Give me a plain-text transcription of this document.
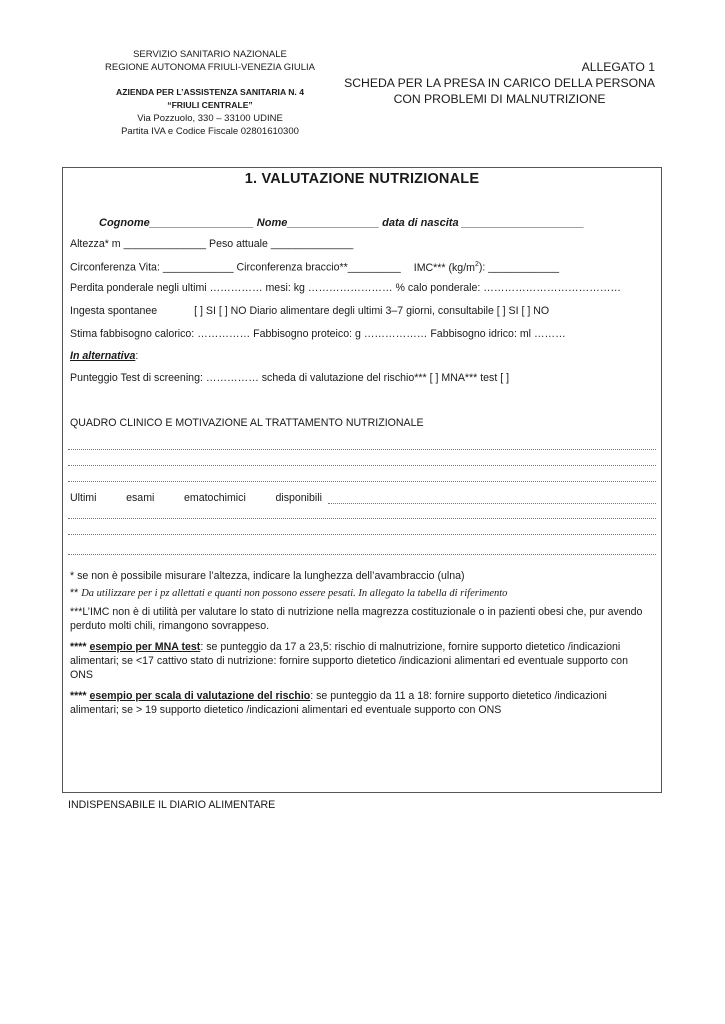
SERVIZIO SANITARIO NAZIONALE
REGIONE AUTONOMA FRIULI-VENEZIA GIULIA
AZIENDA PER L’ASSISTENZA SANITARIA N. 4
“FRIULI CENTRALE”
Via Pozzuolo, 330 – 33100 UDINE
Partita IVA e Codice Fiscale 02801610300
ALLEGATO 1
SCHEDA PER LA PRESA IN CARICO DELLA PERSONA
CON PROBLEMI DI MALNUTRIZIONE
1. VALUTAZIONE NUTRIZIONALE
Cognome_________________ Nome_______________ data di nascita ____________________
Altezza* m ______________ Peso attuale ______________
Circonferenza Vita: ____________ Circonferenza braccio**_________ IMC*** $(kg/m^2)$: ____________
Perdita ponderale negli ultimi …………… mesi: kg …………………… % calo ponderale: …………………………………
Ingesta spontanee	[ ] SI [ ] NO Diario alimentare degli ultimi 3–7 giorni, consultabile [ ] SI [ ] NO
Stima fabbisogno calorico: …………… Fabbisogno proteico: g ……………… Fabbisogno idrico: ml ………
In alternativa:
Punteggio Test di screening: …………… scheda di valutazione del rischio*** [ ] MNA*** test [ ]
QUADRO CLINICO E MOTIVAZIONE AL TRATTAMENTO NUTRIZIONALE
Ultimi	esami	ematochimici	disponibili
* se non è possibile misurare l’altezza, indicare la lunghezza dell’avambraccio (ulna)
** Da utilizzare per i pz allettati e quanti non possono essere pesati. In allegato la tabella di riferimento
***L’IMC non è di utilità per valutare lo stato di nutrizione nella magrezza costituzionale o in pazienti obesi che, pur avendo perduto molti chili, rimangono sovrappeso.
**** esempio per MNA test: se punteggio da 17 a 23,5: rischio di malnutrizione, fornire supporto dietetico /indicazioni alimentari; se <17 cattivo stato di nutrizione: fornire supporto dietetico /indicazioni alimentari ed eventuale supporto con ONS
**** esempio per scala di valutazione del rischio: se punteggio da 11 a 18: fornire supporto dietetico /indicazioni alimentari; se > 19 supporto dietetico /indicazioni alimentari ed eventuale supporto con ONS
INDISPENSABILE IL DIARIO ALIMENTARE
